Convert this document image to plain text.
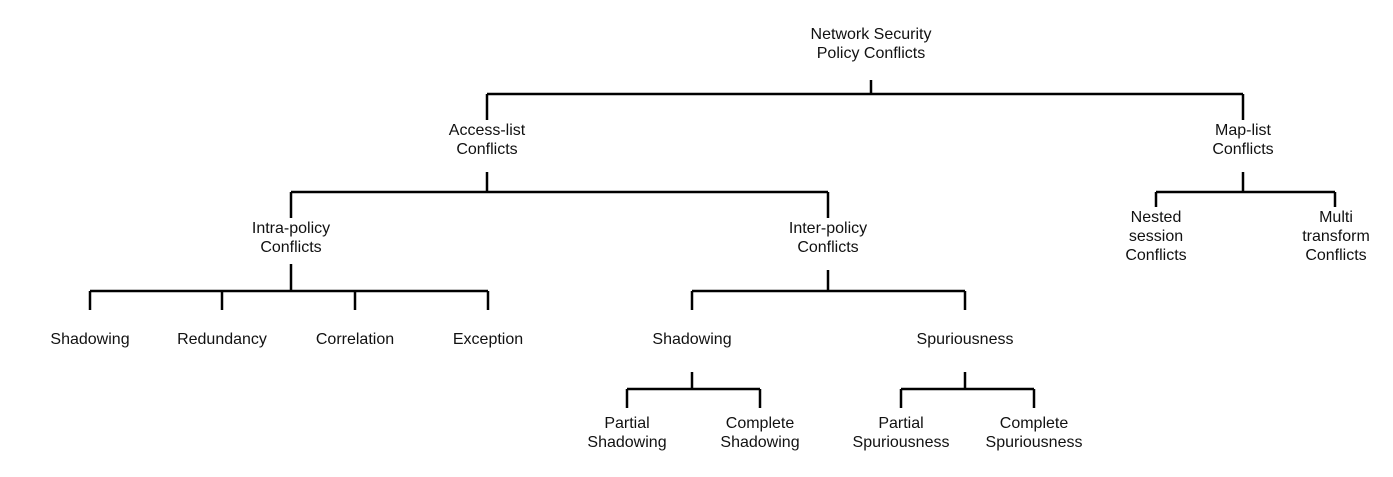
Network Security
Policy Conflicts
Access-list
Conflicts
Map-list
Conflicts
Intra-policy
Conflicts
Inter-policy
Conflicts
Nested
session
Conflicts
Multi
transform
Conflicts
Shadowing	Redundancy	Correlation	Exception	Shadowing	Spuriousness
Partial
Shadowing
Complete
Shadowing
Partial
Spuriousness
Complete
Spuriousness
